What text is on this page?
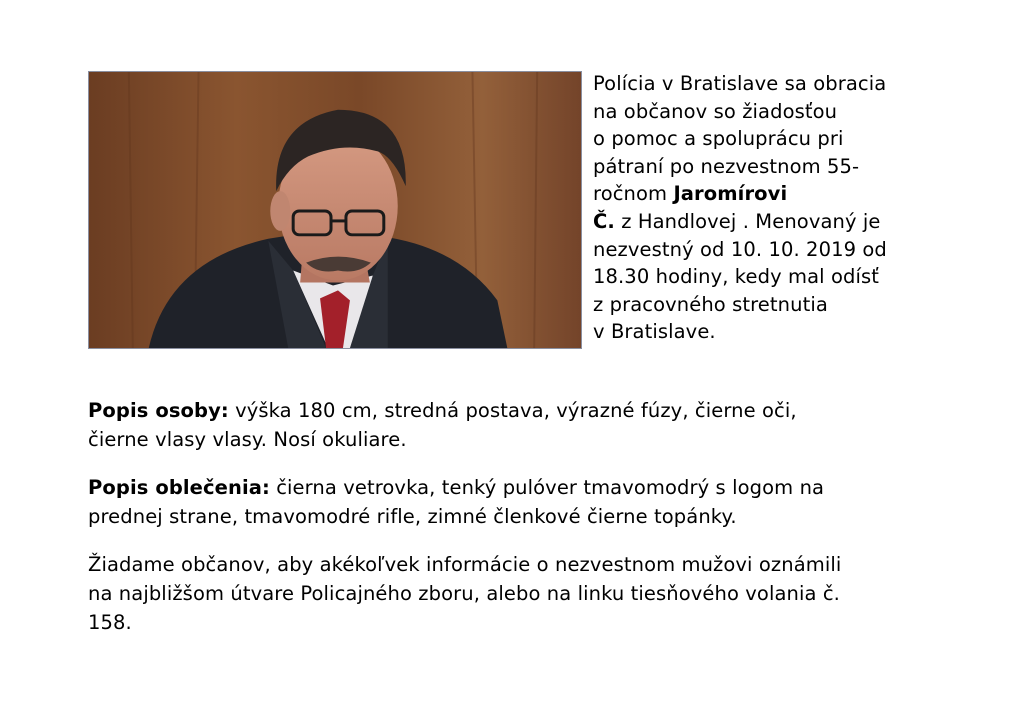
Polícia v Bratislave sa obracia
na občanov so žiadosťou
o pomoc a spoluprácu pri
pátraní po nezvestnom 55-
ročnom Jaromírovi
Č. z Handlovej . Menovaný je
nezvestný od 10. 10. 2019 od
18.30 hodiny, kedy mal odísť
z pracovného stretnutia
v Bratislave.
Popis osoby: výška 180 cm, stredná postava, výrazné fúzy, čierne oči,
čierne vlasy vlasy. Nosí okuliare.
Popis oblečenia: čierna vetrovka, tenký pulóver tmavomodrý s logom na
prednej strane, tmavomodré rifle, zimné členkové čierne topánky.
Žiadame občanov, aby akékoľvek informácie o nezvestnom mužovi oznámili
na najbližšom útvare Policajného zboru, alebo na linku tiesňového volania č.
158.
